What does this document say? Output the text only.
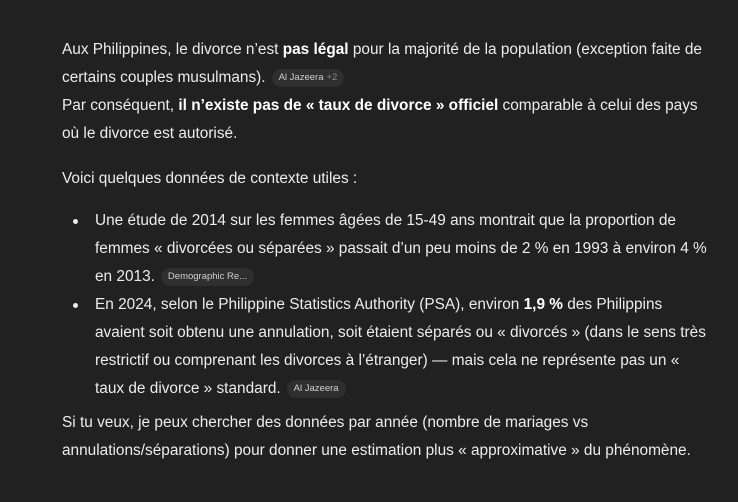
Aux Philippines, le divorce n’est pas légal pour la majorité de la population (exception faite de certains couples musulmans). Al Jazeera +2
Par conséquent, il n’existe pas de « taux de divorce » officiel comparable à celui des pays où le divorce est autorisé.

Voici quelques données de contexte utiles :

Une étude de 2014 sur les femmes âgées de 15-49 ans montrait que la proportion de femmes « divorcées ou séparées » passait d’un peu moins de 2 % en 1993 à environ 4 % en 2013. Demographic Re...
En 2024, selon le Philippine Statistics Authority (PSA), environ 1,9 % des Philippins avaient soit obtenu une annulation, soit étaient séparés ou « divorcés » (dans le sens très restrictif ou comprenant les divorces à l’étranger) — mais cela ne représente pas un « taux de divorce » standard. Al Jazeera

Si tu veux, je peux chercher des données par année (nombre de mariages vs annulations/séparations) pour donner une estimation plus « approximative » du phénomène.
